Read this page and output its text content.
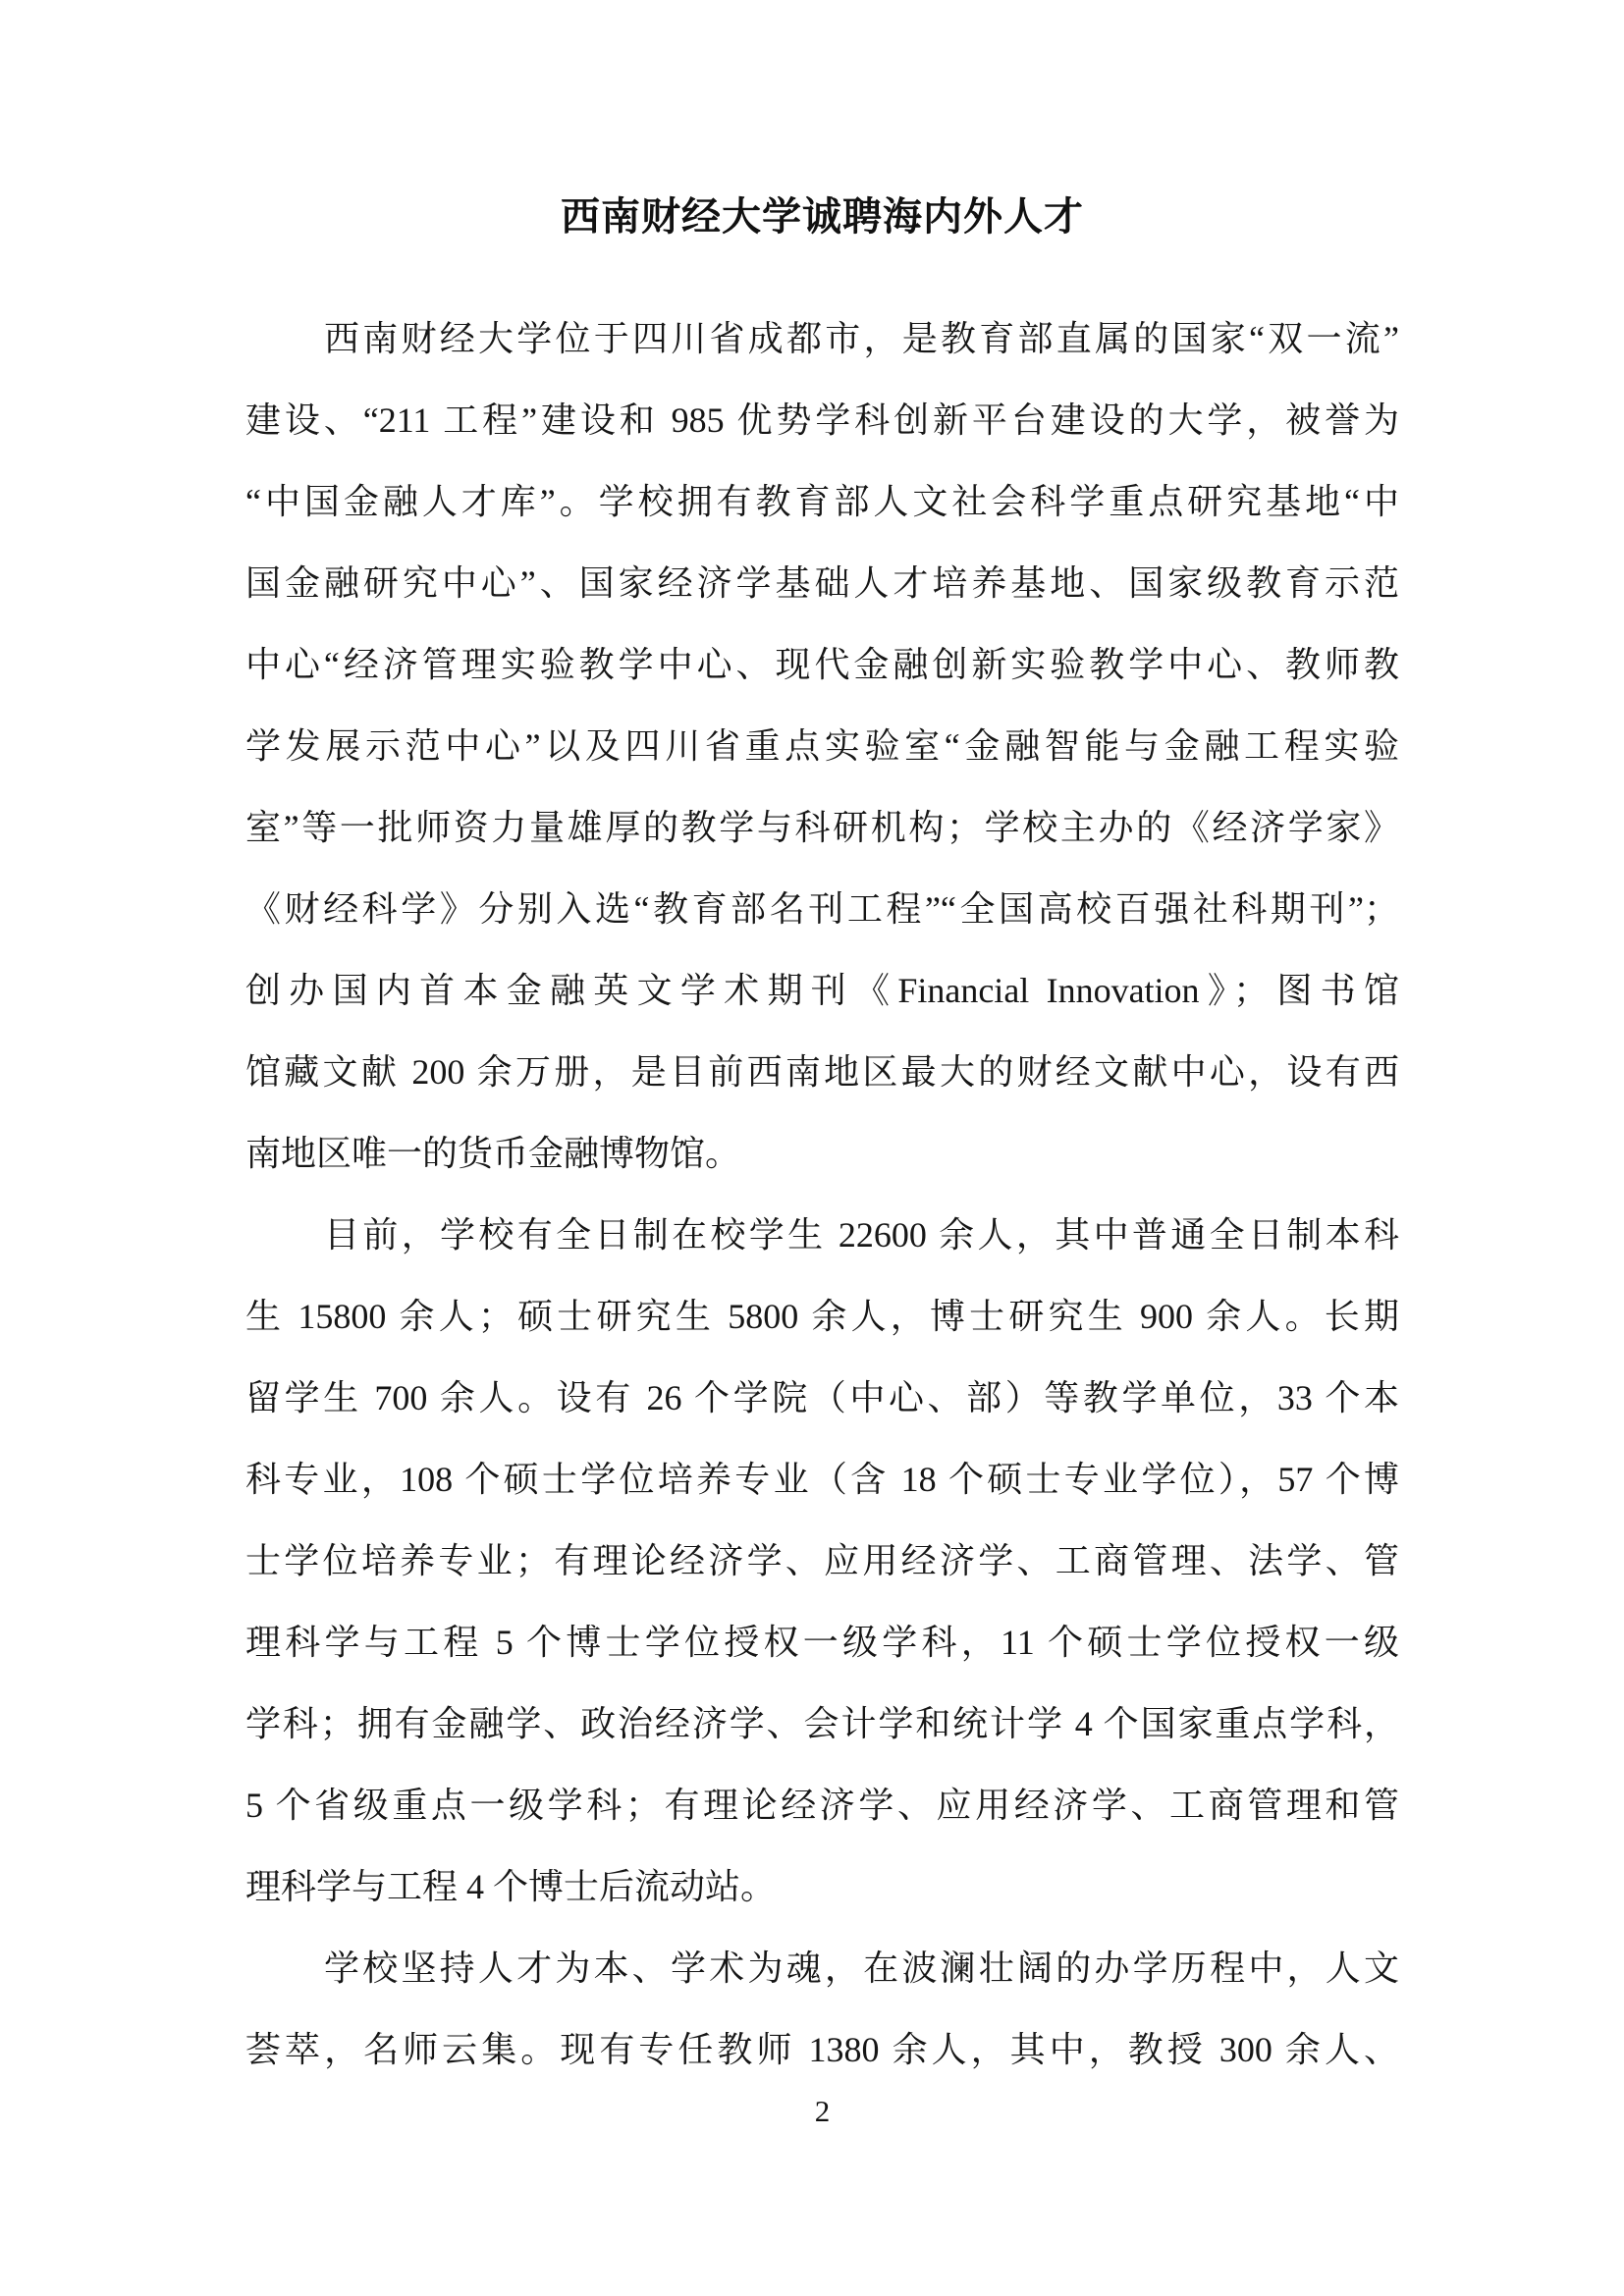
西南财经大学诚聘海内外人才
西南财经大学位于四川省成都市，是教育部直属的国家“双一流”
建设、“211 工程”建设和 985 优势学科创新平台建设的大学，被誉为
“中国金融人才库”。学校拥有教育部人文社会科学重点研究基地“中
国金融研究中心”、国家经济学基础人才培养基地、国家级教育示范
中心“经济管理实验教学中心、现代金融创新实验教学中心、教师教
学发展示范中心”以及四川省重点实验室“金融智能与金融工程实验
室”等一批师资力量雄厚的教学与科研机构；学校主办的《经济学家》
《财经科学》分别入选“教育部名刊工程”“全国高校百强社科期刊”；
创办国内首本金融英文学术期刊《Financial Innovation》；图书馆
馆藏文献 200 余万册，是目前西南地区最大的财经文献中心，设有西
南地区唯一的货币金融博物馆。
目前，学校有全日制在校学生 22600 余人，其中普通全日制本科
生 15800 余人；硕士研究生 5800 余人，博士研究生 900 余人。长期
留学生 700 余人。设有 26 个学院（中心、部）等教学单位，33 个本
科专业，108 个硕士学位培养专业（含 18 个硕士专业学位），57 个博
士学位培养专业；有理论经济学、应用经济学、工商管理、法学、管
理科学与工程 5 个博士学位授权一级学科，11 个硕士学位授权一级
学科；拥有金融学、政治经济学、会计学和统计学 4 个国家重点学科，
5 个省级重点一级学科；有理论经济学、应用经济学、工商管理和管
理科学与工程 4 个博士后流动站。
学校坚持人才为本、学术为魂，在波澜壮阔的办学历程中，人文
荟萃，名师云集。现有专任教师 1380 余人，其中，教授 300 余人、
2
